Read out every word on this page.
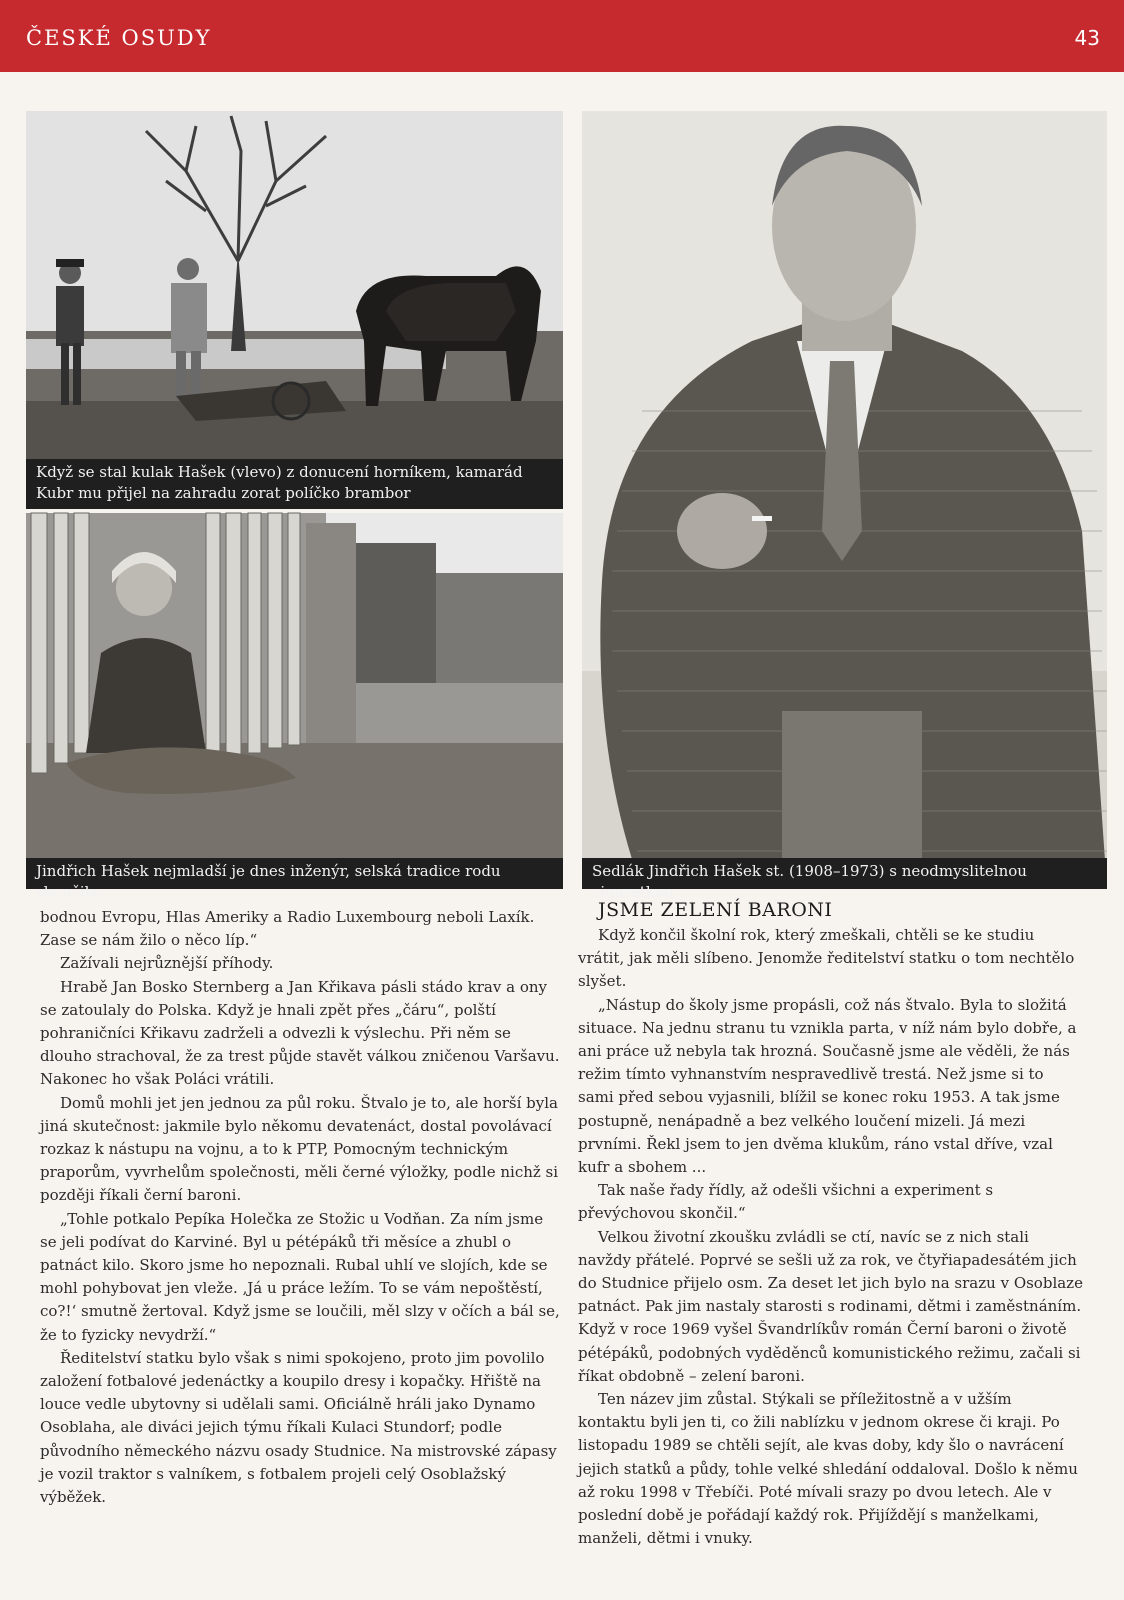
ČESKÉ OSUDY	43
Když se stal kulak Hašek (vlevo) z donucení horníkem, kamarád Kubr mu přijel na zahradu zorat políčko brambor
Jindřich Hašek nejmladší je dnes inženýr, selská tradice rodu skončila
Sedlák Jindřich Hašek st. (1908–1973) s neodmyslitelnou cigaretkou

bodnou Evropu, Hlas Ameriky a Radio Luxembourg neboli Laxík. Zase se nám žilo o něco líp.“

Zažívali nejrůznější příhody.

Hrabě Jan Bosko Sternberg a Jan Křikava pásli stádo krav a ony se zatoulaly do Polska. Když je hnali zpět přes „čáru“, polští pohraničníci Křikavu zadrželi a odvezli k výslechu. Při něm se dlouho strachoval, že za trest půjde stavět válkou zničenou Varšavu. Nakonec ho však Poláci vrátili.

Domů mohli jet jen jednou za půl roku. Štvalo je to, ale horší byla jiná skutečnost: jakmile bylo někomu devatenáct, dostal povolávací rozkaz k nástupu na vojnu, a to k PTP, Pomocným technickým praporům, vyvrhelům společnosti, měli černé výložky, podle nichž si později říkali černí baroni.

„Tohle potkalo Pepíka Holečka ze Stožic u Vodňan. Za ním jsme se jeli podívat do Karviné. Byl u pétépáků tři měsíce a zhubl o patnáct kilo. Skoro jsme ho nepoznali. Rubal uhlí ve slojích, kde se mohl pohybovat jen vleže. ‚Já u práce ležím. To se vám nepoštěstí, co?!‘ smutně žertoval. Když jsme se loučili, měl slzy v očích a bál se, že to fyzicky nevydrží.“

Ředitelství statku bylo však s nimi spokojeno, proto jim povolilo založení fotbalové jedenáctky a koupilo dresy i kopačky. Hřiště na louce vedle ubytovny si udělali sami. Oficiálně hráli jako Dynamo Osoblaha, ale diváci jejich týmu říkali Kulaci Stundorf; podle původního německého názvu osady Studnice. Na mistrovské zápasy je vozil traktor s valníkem, s fotbalem projeli celý Osoblažský výběžek.

JSME ZELENÍ BARONI

Když končil školní rok, který zmeškali, chtěli se ke studiu vrátit, jak měli slíbeno. Jenomže ředitelství statku o tom nechtělo slyšet.

„Nástup do školy jsme propásli, což nás štvalo. Byla to složitá situace. Na jednu stranu tu vznikla parta, v níž nám bylo dobře, a ani práce už nebyla tak hrozná. Současně jsme ale věděli, že nás režim tímto vyhnanstvím nespravedlivě trestá. Než jsme si to sami před sebou vyjasnili, blížil se konec roku 1953. A tak jsme postupně, nenápadně a bez velkého loučení mizeli. Já mezi prvními. Řekl jsem to jen dvěma klukům, ráno vstal dříve, vzal kufr a sbohem ...

Tak naše řady řídly, až odešli všichni a experiment s převýchovou skončil.“

Velkou životní zkoušku zvládli se ctí, navíc se z nich stali navždy přátelé. Poprvé se sešli už za rok, ve čtyřiapadesátém jich do Studnice přijelo osm. Za deset let jich bylo na srazu v Osoblaze patnáct. Pak jim nastaly starosti s rodinami, dětmi i zaměstnáním. Když v roce 1969 vyšel Švandrlíkův román Černí baroni o životě pétépáků, podobných vyděděnců komunistického režimu, začali si říkat obdobně – zelení baroni.

Ten název jim zůstal. Stýkali se příležitostně a v užším kontaktu byli jen ti, co žili nablízku v jednom okrese či kraji. Po listopadu 1989 se chtěli sejít, ale kvas doby, kdy šlo o navrácení jejich statků a půdy, tohle velké shledání oddaloval. Došlo k němu až roku 1998 v Třebíči. Poté mívali srazy po dvou letech. Ale v poslední době je pořádají každý rok. Přijíždějí s manželkami, manželi, dětmi i vnuky.
